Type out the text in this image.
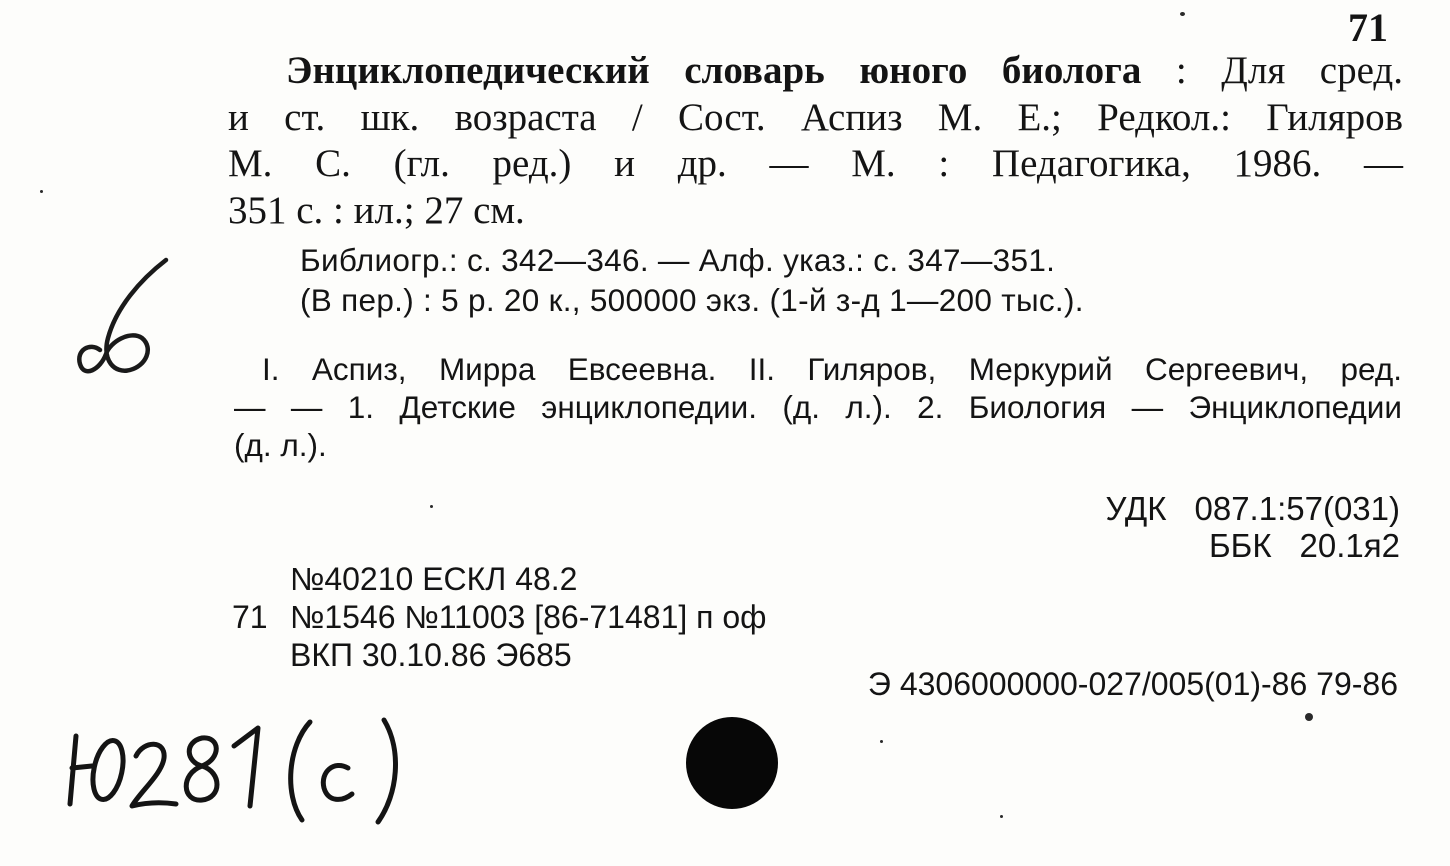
71
Энциклопедический словарь юного биолога : Для сред.
и ст. шк. возраста / Сост. Аспиз М. Е.; Редкол.: Гиляров
М. С. (гл. ред.) и др. — М. : Педагогика, 1986. —
351 с. : ил.; 27 см.
Библиогр.: с. 342—346. — Алф. указ.: с. 347—351.
(В пер.) : 5 р. 20 к., 500000 экз. (1-й з-д 1—200 тыс.).
I. Аспиз, Мирра Евсеевна. II. Гиляров, Меркурий Сергеевич, ред.
— — 1. Детские энциклопедии. (д. л.). 2. Биология — Энциклопедии
(д. л.).
УДК 087.1:57(031)
ББК 20.1я2
№40210 ЕСКЛ 48.2
71 №1546 №11003 [86-71481] п оф
ВКП 30.10.86 Э685
Э 4306000000-027/005(01)-86 79-86
